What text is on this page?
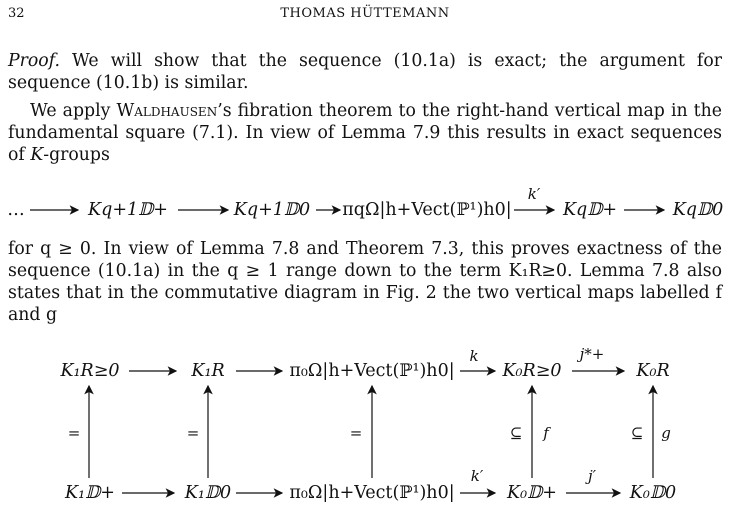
32	THOMAS HÜTTEMANN
Proof. We will show that the sequence (10.1a) is exact; the argument for sequence (10.1b) is similar.
We apply Waldhausen’s fibration theorem to the right-hand vertical map in the fundamental square (7.1). In view of Lemma 7.9 this results in exact sequences of K-groups
…	Kq+1𝔻+	Kq+1𝔻0 πqΩ|h+Vect(ℙ¹)h0|
k′
Kq𝔻+	Kq𝔻0
for q ≥ 0. In view of Lemma 7.8 and Theorem 7.3, this proves exactness of the sequence (10.1a) in the q ≥ 1 range down to the term K₁R≥0. Lemma 7.8 also states that in the commutative diagram in Fig. 2 the two vertical maps labelled f and g
K₁R≥0	K₁R	π₀Ω|h+Vect(ℙ¹)h0|	K₀R≥0	K₀R
k	j*+
K₁𝔻+	K₁𝔻0	π₀Ω|h+Vect(ℙ¹)h0|	K₀𝔻+	K₀𝔻0
k′	j′
=	=	=	⊆ f	⊆ g
